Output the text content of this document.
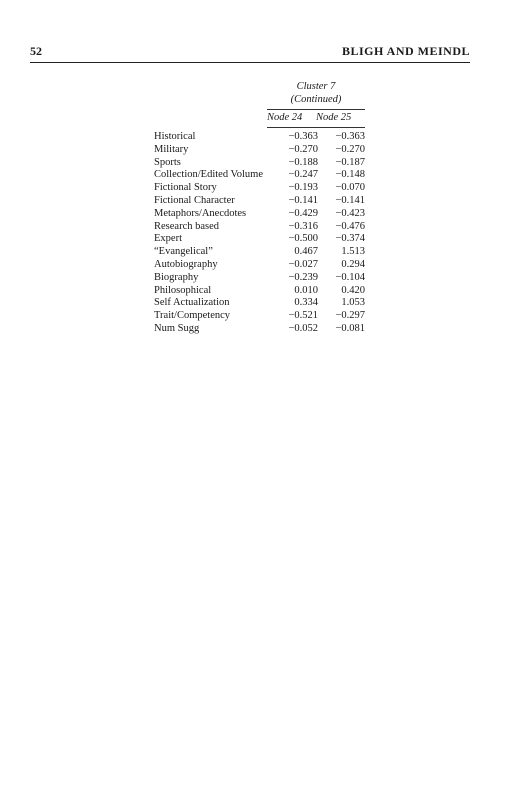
52	BLIGH AND MEINDL
Cluster 7
(Continued)
Node 24 Node 25
Historical	−0.363 −0.363
Military	−0.270 −0.270
Sports	−0.188 −0.187
Collection/Edited Volume −0.247 −0.148
Fictional Story	−0.193 −0.070
Fictional Character	−0.141 −0.141
Metaphors/Anecdotes	−0.429 −0.423
Research based	−0.316 −0.476
Expert	−0.500 −0.374
“Evangelical”	0.467 1.513
Autobiography	−0.027 0.294
Biography	−0.239 −0.104
Philosophical	0.010 0.420
Self Actualization	0.334 1.053
Trait/Competency	−0.521 −0.297
Num Sugg	−0.052 −0.081
